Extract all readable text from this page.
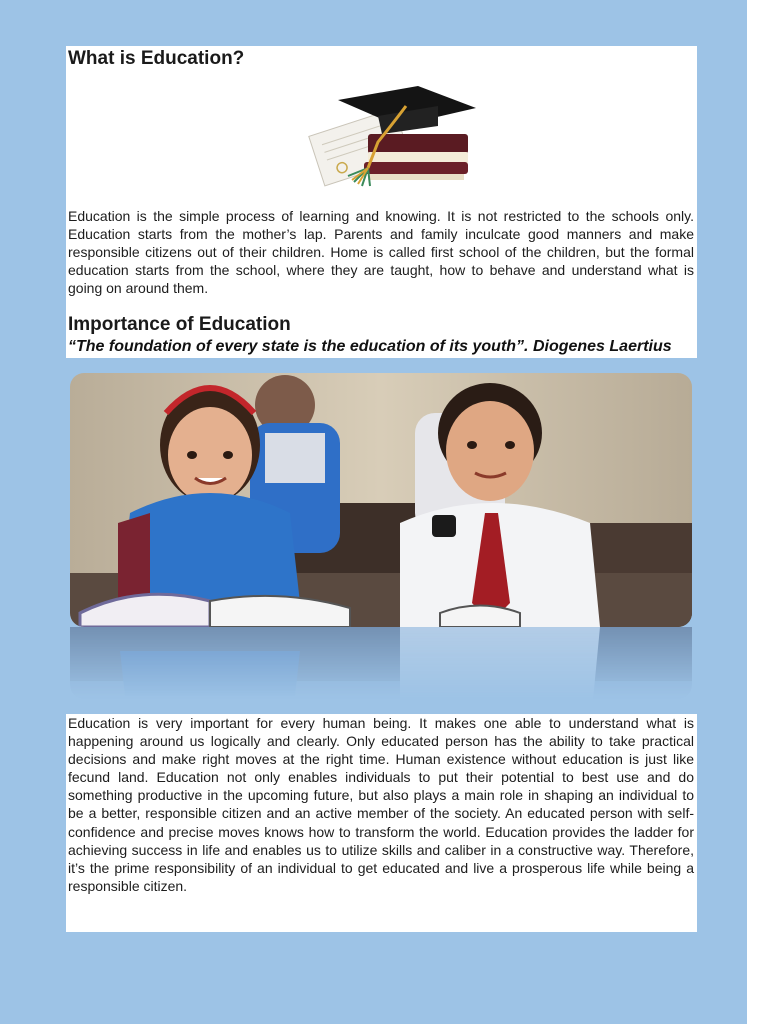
What is Education?
Education is the simple process of learning and knowing. It is not restricted to the schools only. Education starts from the mother’s lap. Parents and family inculcate good manners and make responsible citizens out of their children. Home is called first school of the children, but the formal education starts from the school, where they are taught, how to behave and understand what is going on around them.
Importance of Education
“The foundation of every state is the education of its youth”. Diogenes Laertius
Education is very important for every human being. It makes one able to understand what is happening around us logically and clearly. Only educated person has the ability to take practical decisions and make right moves at the right time. Human existence without education is just like fecund land. Education not only enables individuals to put their potential to best use and do something productive in the upcoming future, but also plays a main role in shaping an individual to be a better, responsible citizen and an active member of the society. An educated person with self-confidence and precise moves knows how to transform the world. Education provides the ladder for achieving success in life and enables us to utilize skills and caliber in a constructive way. Therefore, it’s the prime responsibility of an individual to get educated and live a prosperous life while being a responsible citizen.
